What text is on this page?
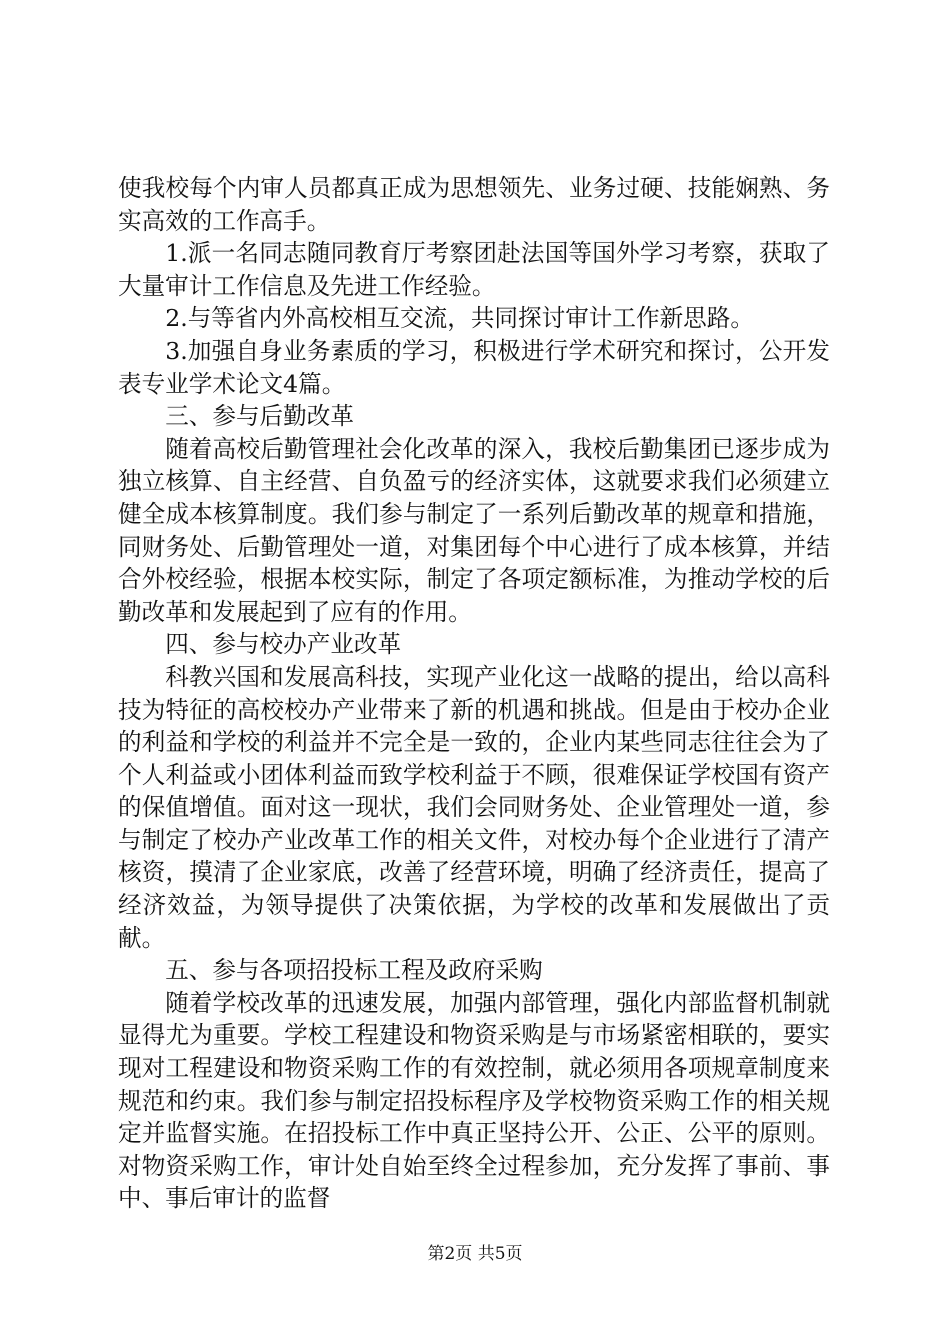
使我校每个内审人员都真正成为思想领先、业务过硬、技能娴熟、务实高效的工作高手。

1.派一名同志随同教育厅考察团赴法国等国外学习考察，获取了大量审计工作信息及先进工作经验。

2.与等省内外高校相互交流，共同探讨审计工作新思路。

3.加强自身业务素质的学习，积极进行学术研究和探讨，公开发表专业学术论文4篇。

三、参与后勤改革

随着高校后勤管理社会化改革的深入，我校后勤集团已逐步成为独立核算、自主经营、自负盈亏的经济实体，这就要求我们必须建立健全成本核算制度。我们参与制定了一系列后勤改革的规章和措施，同财务处、后勤管理处一道，对集团每个中心进行了成本核算，并结合外校经验，根据本校实际，制定了各项定额标准，为推动学校的后勤改革和发展起到了应有的作用。

四、参与校办产业改革

科教兴国和发展高科技，实现产业化这一战略的提出，给以高科技为特征的高校校办产业带来了新的机遇和挑战。但是由于校办企业的利益和学校的利益并不完全是一致的，企业内某些同志往往会为了个人利益或小团体利益而致学校利益于不顾，很难保证学校国有资产的保值增值。面对这一现状，我们会同财务处、企业管理处一道，参与制定了校办产业改革工作的相关文件，对校办每个企业进行了清产核资，摸清了企业家底，改善了经营环境，明确了经济责任，提高了经济效益，为领导提供了决策依据，为学校的改革和发展做出了贡献。

五、参与各项招投标工程及政府采购

随着学校改革的迅速发展，加强内部管理，强化内部监督机制就显得尤为重要。学校工程建设和物资采购是与市场紧密相联的，要实现对工程建设和物资采购工作的有效控制，就必须用各项规章制度来规范和约束。我们参与制定招投标程序及学校物资采购工作的相关规定并监督实施。在招投标工作中真正坚持公开、公正、公平的原则。对物资采购工作，审计处自始至终全过程参加，充分发挥了事前、事中、事后审计的监督

第2页 共5页
